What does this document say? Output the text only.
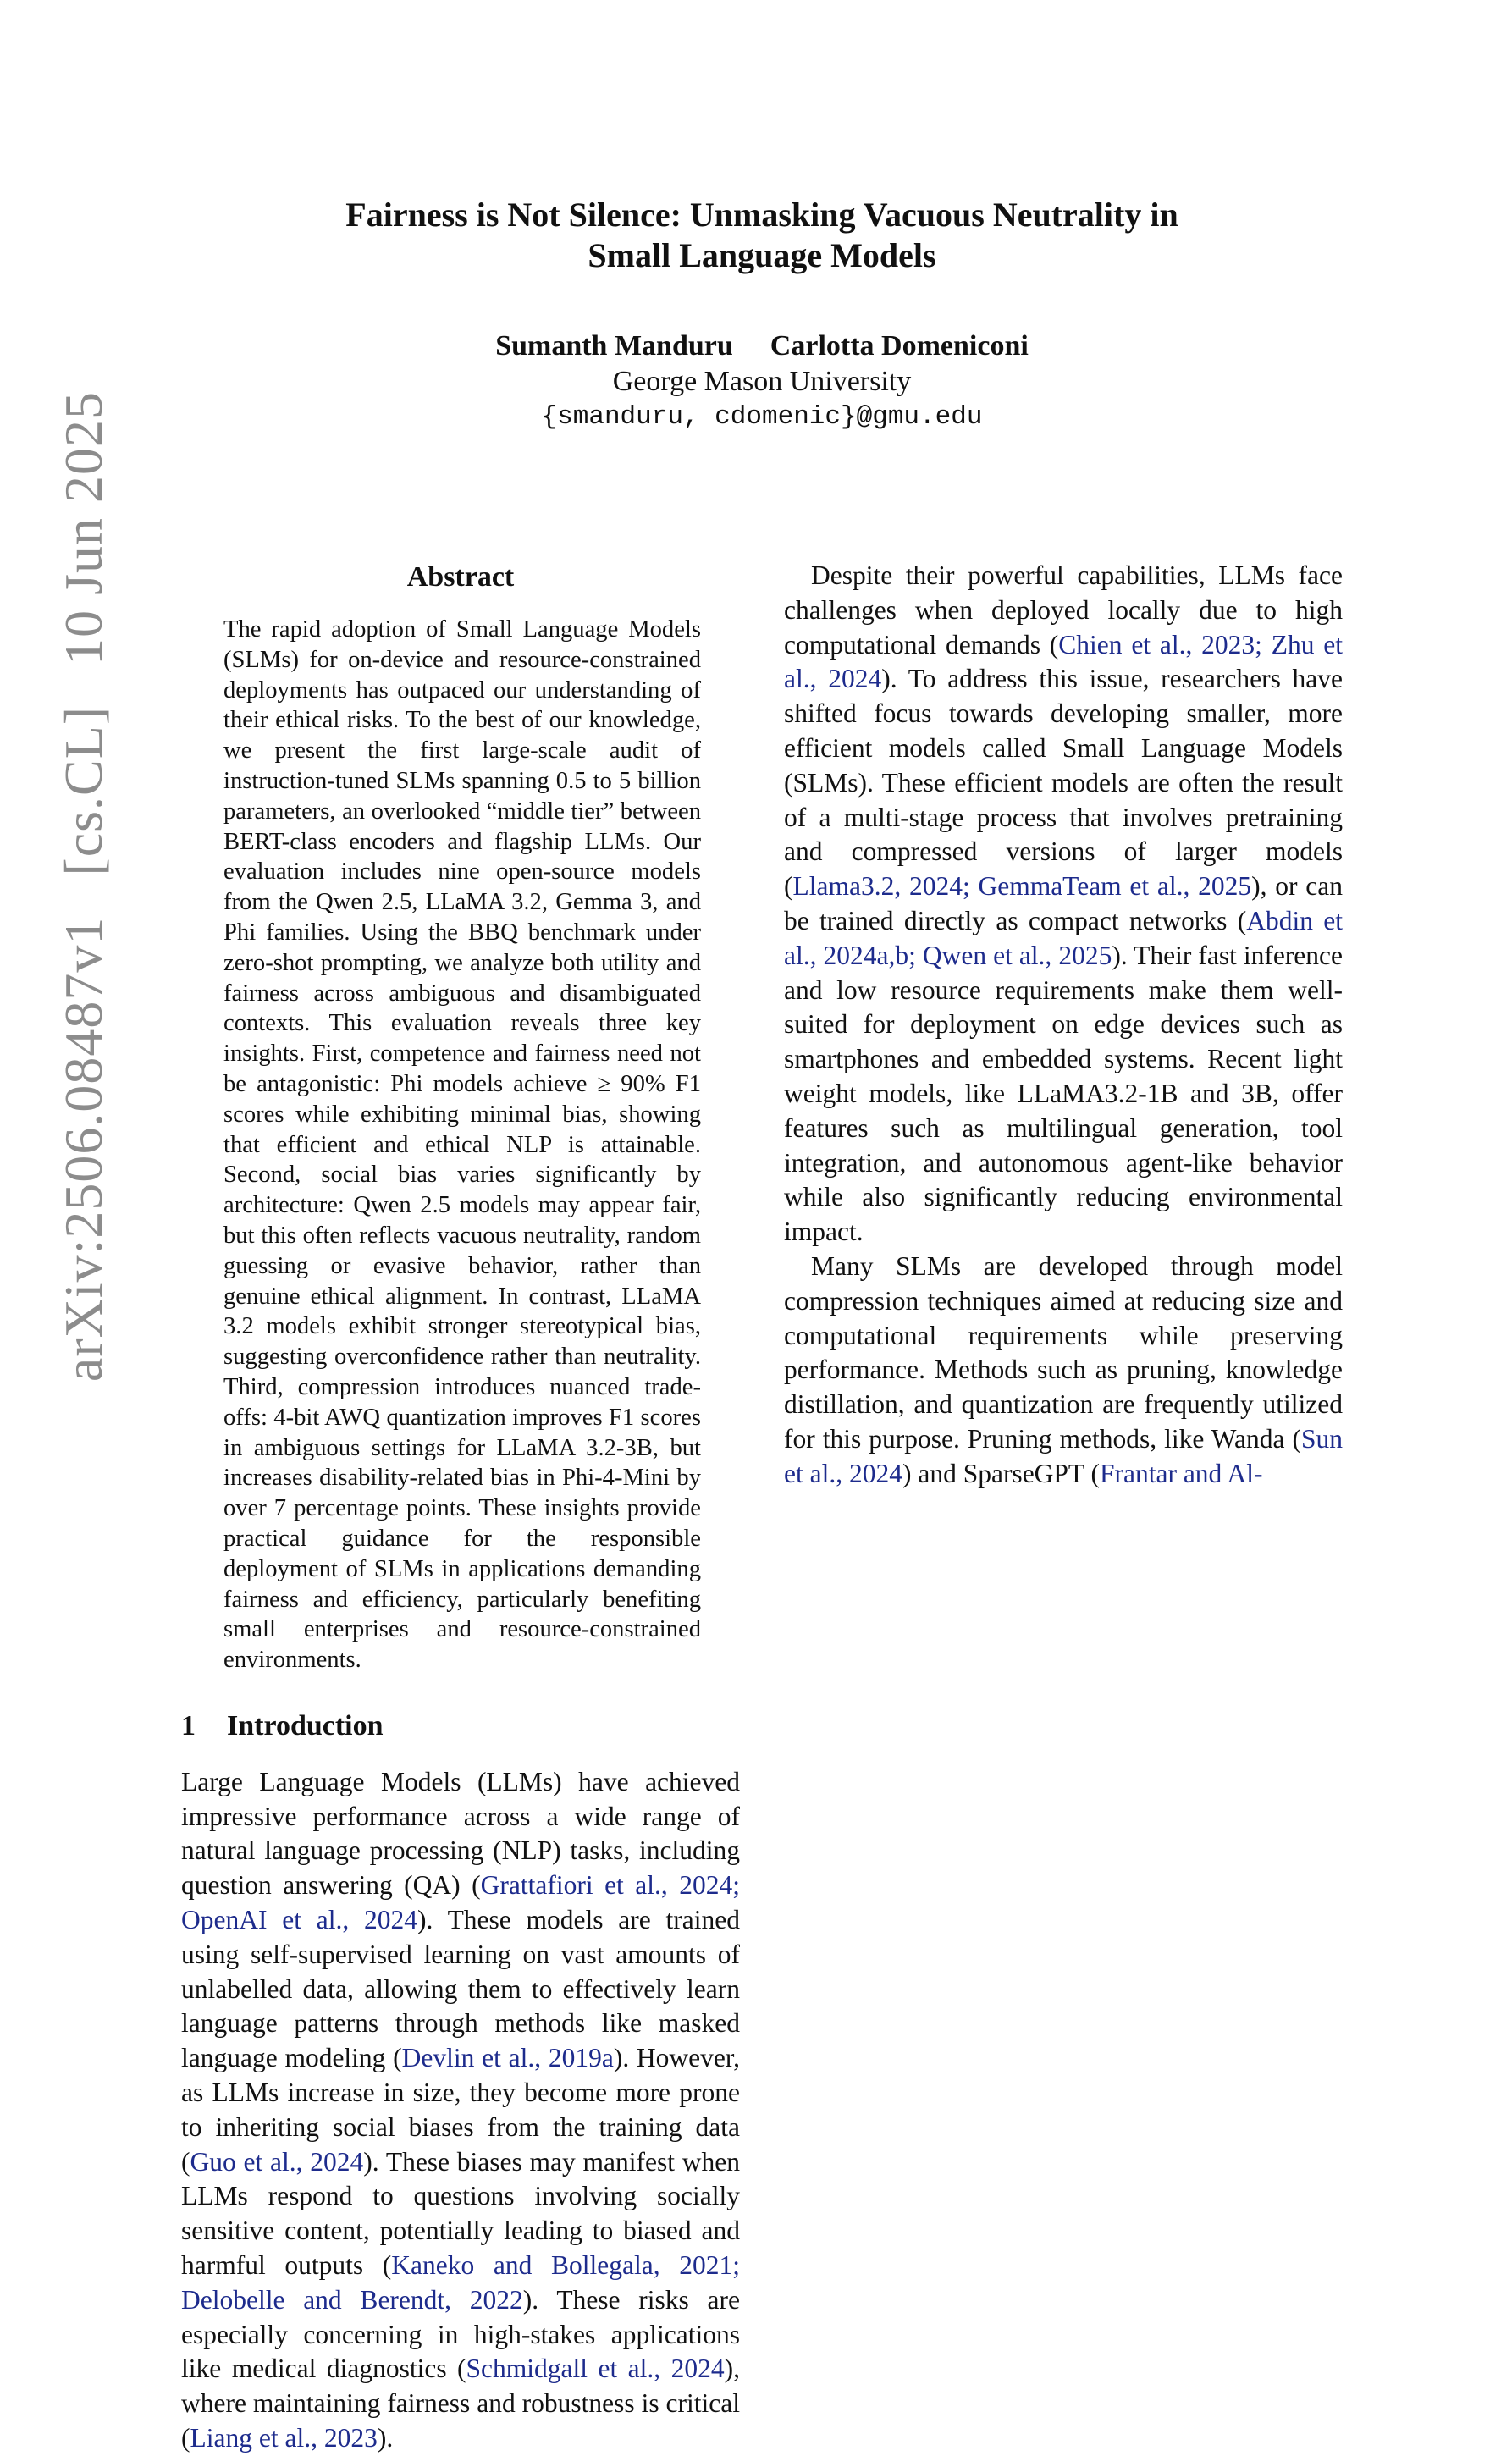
arXiv:2506.08487v1[cs.CL]10 Jun 2025
Fairness is Not Silence: Unmasking Vacuous Neutrality in
Small Language Models
Sumanth Manduru Carlotta Domeniconi
George Mason University
{smanduru, cdomenic}@gmu.edu
Abstract

The rapid adoption of Small Language Models (SLMs) for on-device and resource-constrained deployments has outpaced our understanding of their ethical risks. To the best of our knowledge, we present the first large-scale audit of instruction-tuned SLMs spanning 0.5 to 5 billion parameters, an overlooked “middle tier” between BERT-class encoders and flagship LLMs. Our evaluation includes nine open-source models from the Qwen 2.5, LLaMA 3.2, Gemma 3, and Phi families. Using the BBQ benchmark under zero-shot prompting, we analyze both utility and fairness across ambiguous and disambiguated contexts. This evaluation reveals three key insights. First, competence and fairness need not be antagonistic: Phi models achieve ≥ 90% F1 scores while exhibiting minimal bias, showing that efficient and ethical NLP is attainable. Second, social bias varies significantly by architecture: Qwen 2.5 models may appear fair, but this often reflects vacuous neutrality, random guessing or evasive behavior, rather than genuine ethical alignment. In contrast, LLaMA 3.2 models exhibit stronger stereotypical bias, suggesting overconfidence rather than neutrality. Third, compression introduces nuanced trade-offs: 4-bit AWQ quantization improves F1 scores in ambiguous settings for LLaMA 3.2-3B, but increases disability-related bias in Phi-4-Mini by over 7 percentage points. These insights provide practical guidance for the responsible deployment of SLMs in applications demanding fairness and efficiency, particularly benefiting small enterprises and resource-constrained environments.

1 Introduction

Large Language Models (LLMs) have achieved impressive performance across a wide range of natural language processing (NLP) tasks, including question answering (QA) (Grattafiori et al., 2024; OpenAI et al., 2024). These models are trained using self-supervised learning on vast amounts of unlabelled data, allowing them to effectively learn language patterns through methods like masked language modeling (Devlin et al., 2019a). However, as LLMs increase in size, they become more prone to inheriting social biases from the training data (Guo et al., 2024). These biases may manifest when LLMs respond to questions involving socially sensitive content, potentially leading to biased and harmful outputs (Kaneko and Bollegala, 2021; Delobelle and Berendt, 2022). These risks are especially concerning in high-stakes applications like medical diagnostics (Schmidgall et al., 2024), where maintaining fairness and robustness is critical (Liang et al., 2023).

Despite their powerful capabilities, LLMs face challenges when deployed locally due to high computational demands (Chien et al., 2023; Zhu et al., 2024). To address this issue, researchers have shifted focus towards developing smaller, more efficient models called Small Language Models (SLMs). These efficient models are often the result of a multi-stage process that involves pretraining and compressed versions of larger models (Llama3.2, 2024; GemmaTeam et al., 2025), or can be trained directly as compact networks (Abdin et al., 2024a,b; Qwen et al., 2025). Their fast inference and low resource requirements make them well-suited for deployment on edge devices such as smartphones and embedded systems. Recent light weight models, like LLaMA3.2-1B and 3B, offer features such as multilingual generation, tool integration, and autonomous agent-like behavior while also significantly reducing environmental impact.

Many SLMs are developed through model compression techniques aimed at reducing size and computational requirements while preserving performance. Methods such as pruning, knowledge distillation, and quantization are frequently utilized for this purpose. Pruning methods, like Wanda (Sun et al., 2024) and SparseGPT (Frantar and Al-
